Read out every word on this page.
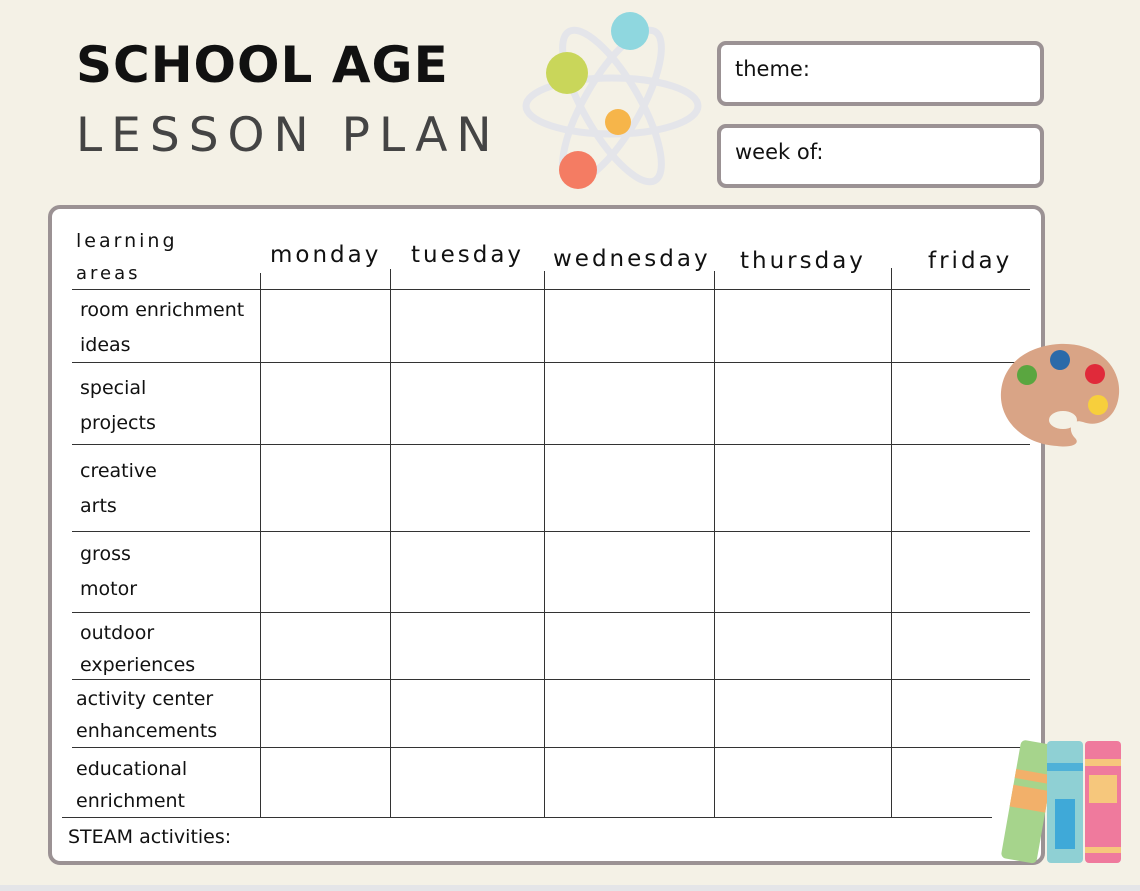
SCHOOL AGE
LESSON PLAN
theme:
week of:
learning
areas
monday tuesday wednesday thursday	friday
room enrichment
ideas
special
projects
creative
arts
gross
motor
outdoor
experiences
activity center
enhancements
educational
enrichment
STEAM activities:
